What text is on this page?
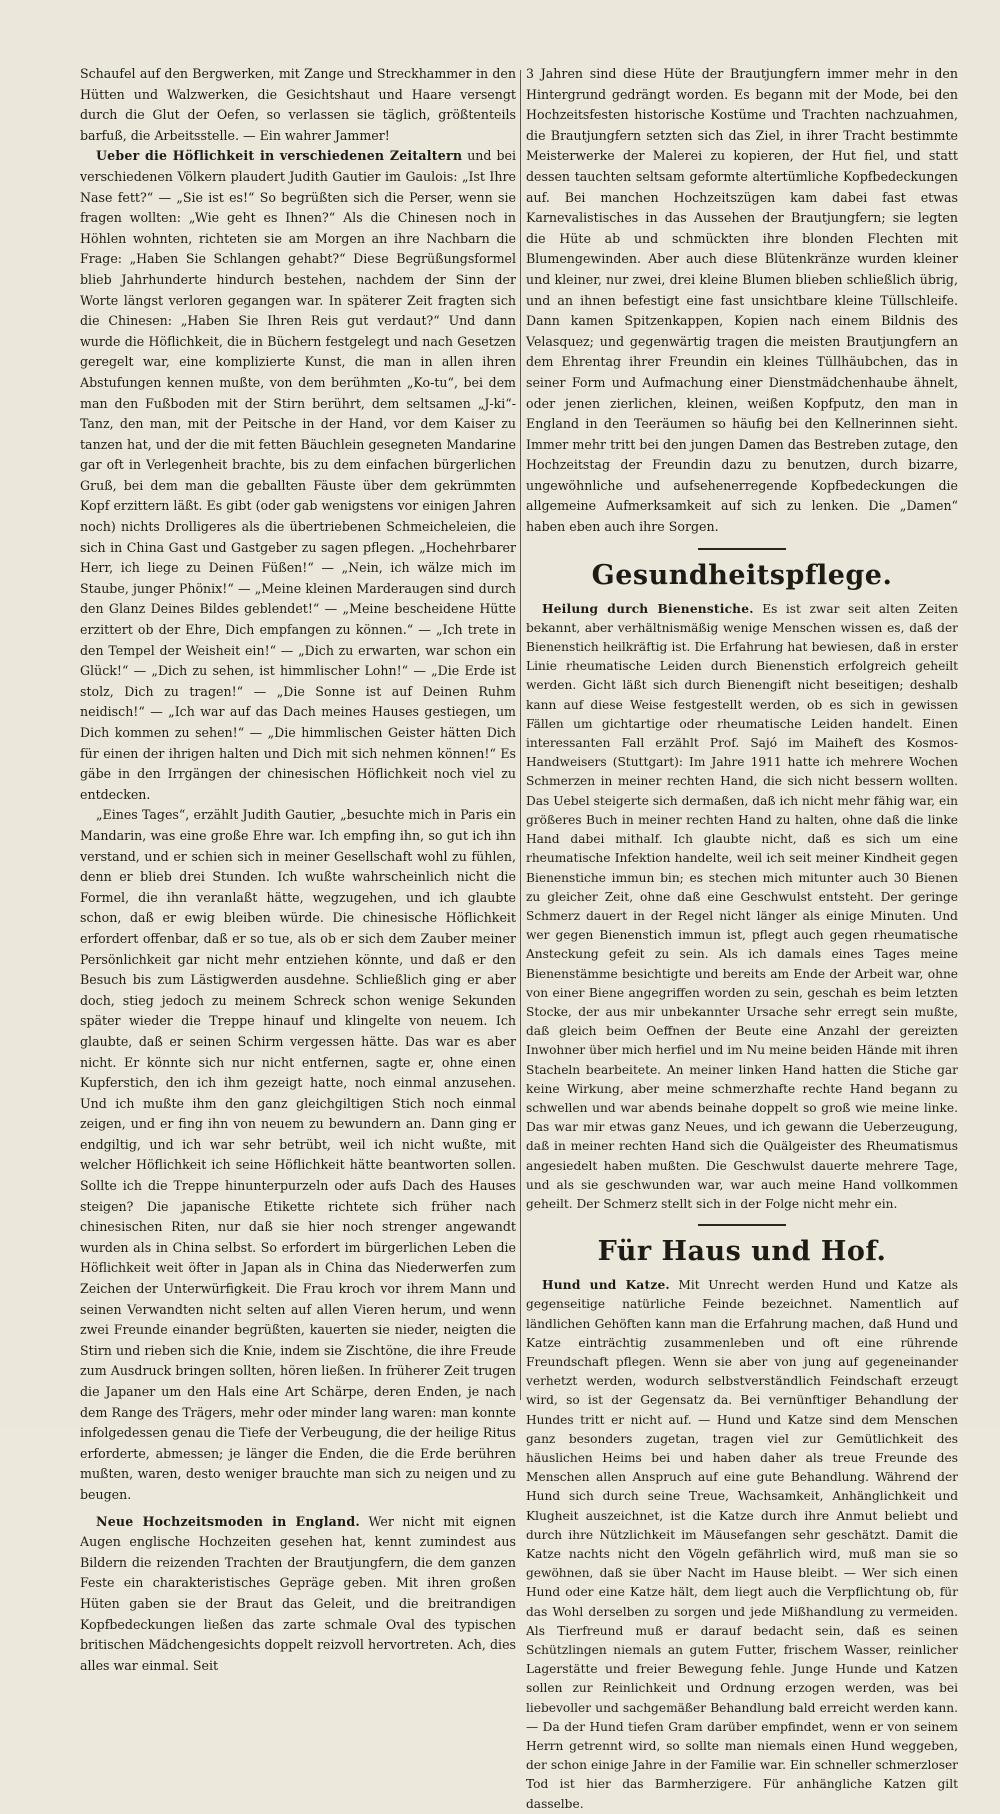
Schaufel auf den Bergwerken, mit Zange und Streckhammer in den Hütten und Walzwerken, die Gesichtshaut und Haare versengt durch die Glut der Oefen, so verlassen sie täglich, größtenteils barfuß, die Arbeitsstelle. — Ein wahrer Jammer!

Ueber die Höflichkeit in verschiedenen Zeitaltern und bei verschiedenen Völkern plaudert Judith Gautier im Gaulois: „Ist Ihre Nase fett?“ — „Sie ist es!“ So begrüßten sich die Perser, wenn sie fragen wollten: „Wie geht es Ihnen?“ Als die Chinesen noch in Höhlen wohnten, richteten sie am Morgen an ihre Nachbarn die Frage: „Haben Sie Schlangen gehabt?“ Diese Begrüßungsformel blieb Jahrhunderte hindurch bestehen, nachdem der Sinn der Worte längst verloren gegangen war. In späterer Zeit fragten sich die Chinesen: „Haben Sie Ihren Reis gut verdaut?“ Und dann wurde die Höflichkeit, die in Büchern festgelegt und nach Gesetzen geregelt war, eine komplizierte Kunst, die man in allen ihren Abstufungen kennen mußte, von dem berühmten „Ko-tu“, bei dem man den Fußboden mit der Stirn berührt, dem seltsamen „J-ki“-Tanz, den man, mit der Peitsche in der Hand, vor dem Kaiser zu tanzen hat, und der die mit fetten Bäuchlein gesegneten Mandarine gar oft in Verlegenheit brachte, bis zu dem einfachen bürgerlichen Gruß, bei dem man die geballten Fäuste über dem gekrümmten Kopf erzittern läßt. Es gibt (oder gab wenigstens vor einigen Jahren noch) nichts Drolligeres als die übertriebenen Schmeicheleien, die sich in China Gast und Gastgeber zu sagen pflegen. „Hochehrbarer Herr, ich liege zu Deinen Füßen!“ — „Nein, ich wälze mich im Staube, junger Phönix!“ — „Meine kleinen Marderaugen sind durch den Glanz Deines Bildes geblendet!“ — „Meine bescheidene Hütte erzittert ob der Ehre, Dich empfangen zu können.“ — „Ich trete in den Tempel der Weisheit ein!“ — „Dich zu erwarten, war schon ein Glück!“ — „Dich zu sehen, ist himmlischer Lohn!“ — „Die Erde ist stolz, Dich zu tragen!“ — „Die Sonne ist auf Deinen Ruhm neidisch!“ — „Ich war auf das Dach meines Hauses gestiegen, um Dich kommen zu sehen!“ — „Die himmlischen Geister hätten Dich für einen der ihrigen halten und Dich mit sich nehmen können!“ Es gäbe in den Irrgängen der chinesischen Höflichkeit noch viel zu entdecken.

„Eines Tages“, erzählt Judith Gautier, „besuchte mich in Paris ein Mandarin, was eine große Ehre war. Ich empfing ihn, so gut ich ihn verstand, und er schien sich in meiner Gesellschaft wohl zu fühlen, denn er blieb drei Stunden. Ich wußte wahrscheinlich nicht die Formel, die ihn veranlaßt hätte, wegzugehen, und ich glaubte schon, daß er ewig bleiben würde. Die chinesische Höflichkeit erfordert offenbar, daß er so tue, als ob er sich dem Zauber meiner Persönlichkeit gar nicht mehr entziehen könnte, und daß er den Besuch bis zum Lästigwerden ausdehne. Schließlich ging er aber doch, stieg jedoch zu meinem Schreck schon wenige Sekunden später wieder die Treppe hinauf und klingelte von neuem. Ich glaubte, daß er seinen Schirm vergessen hätte. Das war es aber nicht. Er könnte sich nur nicht entfernen, sagte er, ohne einen Kupferstich, den ich ihm gezeigt hatte, noch einmal anzusehen. Und ich mußte ihm den ganz gleichgiltigen Stich noch einmal zeigen, und er fing ihn von neuem zu bewundern an. Dann ging er endgiltig, und ich war sehr betrübt, weil ich nicht wußte, mit welcher Höflichkeit ich seine Höflichkeit hätte beantworten sollen. Sollte ich die Treppe hinunterpurzeln oder aufs Dach des Hauses steigen? Die japanische Etikette richtete sich früher nach chinesischen Riten, nur daß sie hier noch strenger angewandt wurden als in China selbst. So erfordert im bürgerlichen Leben die Höflichkeit weit öfter in Japan als in China das Niederwerfen zum Zeichen der Unterwürfigkeit. Die Frau kroch vor ihrem Mann und seinen Verwandten nicht selten auf allen Vieren herum, und wenn zwei Freunde einander begrüßten, kauerten sie nieder, neigten die Stirn und rieben sich die Knie, indem sie Zischtöne, die ihre Freude zum Ausdruck bringen sollten, hören ließen. In früherer Zeit trugen die Japaner um den Hals eine Art Schärpe, deren Enden, je nach dem Range des Trägers, mehr oder minder lang waren: man konnte infolgedessen genau die Tiefe der Verbeugung, die der heilige Ritus erforderte, abmessen; je länger die Enden, die die Erde berühren mußten, waren, desto weniger brauchte man sich zu neigen und zu beugen.

Neue Hochzeitsmoden in England. Wer nicht mit eignen Augen englische Hochzeiten gesehen hat, kennt zumindest aus Bildern die reizenden Trachten der Brautjungfern, die dem ganzen Feste ein charakteristisches Gepräge geben. Mit ihren großen Hüten gaben sie der Braut das Geleit, und die breitrandigen Kopfbedeckungen ließen das zarte schmale Oval des typischen britischen Mädchengesichts doppelt reizvoll hervortreten. Ach, dies alles war einmal. Seit

3 Jahren sind diese Hüte der Brautjungfern immer mehr in den Hintergrund gedrängt worden. Es begann mit der Mode, bei den Hochzeitsfesten historische Kostüme und Trachten nachzuahmen, die Brautjungfern setzten sich das Ziel, in ihrer Tracht bestimmte Meisterwerke der Malerei zu kopieren, der Hut fiel, und statt dessen tauchten seltsam geformte altertümliche Kopfbedeckungen auf. Bei manchen Hochzeitszügen kam dabei fast etwas Karnevalistisches in das Aussehen der Brautjungfern; sie legten die Hüte ab und schmückten ihre blonden Flechten mit Blumengewinden. Aber auch diese Blütenkränze wurden kleiner und kleiner, nur zwei, drei kleine Blumen blieben schließlich übrig, und an ihnen befestigt eine fast unsichtbare kleine Tüllschleife. Dann kamen Spitzenkappen, Kopien nach einem Bildnis des Velasquez; und gegenwärtig tragen die meisten Brautjungfern an dem Ehrentag ihrer Freundin ein kleines Tüllhäubchen, das in seiner Form und Aufmachung einer Dienstmädchenhaube ähnelt, oder jenen zierlichen, kleinen, weißen Kopfputz, den man in England in den Teeräumen so häufig bei den Kellnerinnen sieht. Immer mehr tritt bei den jungen Damen das Bestreben zutage, den Hochzeitstag der Freundin dazu zu benutzen, durch bizarre, ungewöhnliche und aufsehenerregende Kopfbedeckungen die allgemeine Aufmerksamkeit auf sich zu lenken. Die „Damen“ haben eben auch ihre Sorgen.

Gesundheitspflege.

Heilung durch Bienenstiche. Es ist zwar seit alten Zeiten bekannt, aber verhältnismäßig wenige Menschen wissen es, daß der Bienenstich heilkräftig ist. Die Erfahrung hat bewiesen, daß in erster Linie rheumatische Leiden durch Bienenstich erfolgreich geheilt werden. Gicht läßt sich durch Bienengift nicht beseitigen; deshalb kann auf diese Weise festgestellt werden, ob es sich in gewissen Fällen um gichtartige oder rheumatische Leiden handelt. Einen interessanten Fall erzählt Prof. Sajó im Maiheft des Kosmos-Handweisers (Stuttgart): Im Jahre 1911 hatte ich mehrere Wochen Schmerzen in meiner rechten Hand, die sich nicht bessern wollten. Das Uebel steigerte sich dermaßen, daß ich nicht mehr fähig war, ein größeres Buch in meiner rechten Hand zu halten, ohne daß die linke Hand dabei mithalf. Ich glaubte nicht, daß es sich um eine rheumatische Infektion handelte, weil ich seit meiner Kindheit gegen Bienenstiche immun bin; es stechen mich mitunter auch 30 Bienen zu gleicher Zeit, ohne daß eine Geschwulst entsteht. Der geringe Schmerz dauert in der Regel nicht länger als einige Minuten. Und wer gegen Bienenstich immun ist, pflegt auch gegen rheumatische Ansteckung gefeit zu sein. Als ich damals eines Tages meine Bienenstämme besichtigte und bereits am Ende der Arbeit war, ohne von einer Biene angegriffen worden zu sein, geschah es beim letzten Stocke, der aus mir unbekannter Ursache sehr erregt sein mußte, daß gleich beim Oeffnen der Beute eine Anzahl der gereizten Inwohner über mich herfiel und im Nu meine beiden Hände mit ihren Stacheln bearbeitete. An meiner linken Hand hatten die Stiche gar keine Wirkung, aber meine schmerzhafte rechte Hand begann zu schwellen und war abends beinahe doppelt so groß wie meine linke. Das war mir etwas ganz Neues, und ich gewann die Ueberzeugung, daß in meiner rechten Hand sich die Quälgeister des Rheumatismus angesiedelt haben mußten. Die Geschwulst dauerte mehrere Tage, und als sie geschwunden war, war auch meine Hand vollkommen geheilt. Der Schmerz stellt sich in der Folge nicht mehr ein.

Für Haus und Hof.

Hund und Katze. Mit Unrecht werden Hund und Katze als gegenseitige natürliche Feinde bezeichnet. Namentlich auf ländlichen Gehöften kann man die Erfahrung machen, daß Hund und Katze einträchtig zusammenleben und oft eine rührende Freundschaft pflegen. Wenn sie aber von jung auf gegeneinander verhetzt werden, wodurch selbstverständlich Feindschaft erzeugt wird, so ist der Gegensatz da. Bei vernünftiger Behandlung der Hundes tritt er nicht auf. — Hund und Katze sind dem Menschen ganz besonders zugetan, tragen viel zur Gemütlichkeit des häuslichen Heims bei und haben daher als treue Freunde des Menschen allen Anspruch auf eine gute Behandlung. Während der Hund sich durch seine Treue, Wachsamkeit, Anhänglichkeit und Klugheit auszeichnet, ist die Katze durch ihre Anmut beliebt und durch ihre Nützlichkeit im Mäusefangen sehr geschätzt. Damit die Katze nachts nicht den Vögeln gefährlich wird, muß man sie so gewöhnen, daß sie über Nacht im Hause bleibt. — Wer sich einen Hund oder eine Katze hält, dem liegt auch die Verpflichtung ob, für das Wohl derselben zu sorgen und jede Mißhandlung zu vermeiden. Als Tierfreund muß er darauf bedacht sein, daß es seinen Schützlingen niemals an gutem Futter, frischem Wasser, reinlicher Lagerstätte und freier Bewegung fehle. Junge Hunde und Katzen sollen zur Reinlichkeit und Ordnung erzogen werden, was bei liebevoller und sachgemäßer Behandlung bald erreicht werden kann. — Da der Hund tiefen Gram darüber empfindet, wenn er von seinem Herrn getrennt wird, so sollte man niemals einen Hund weggeben, der schon einige Jahre in der Familie war. Ein schneller schmerzloser Tod ist hier das Barmherzigere. Für anhängliche Katzen gilt dasselbe.
